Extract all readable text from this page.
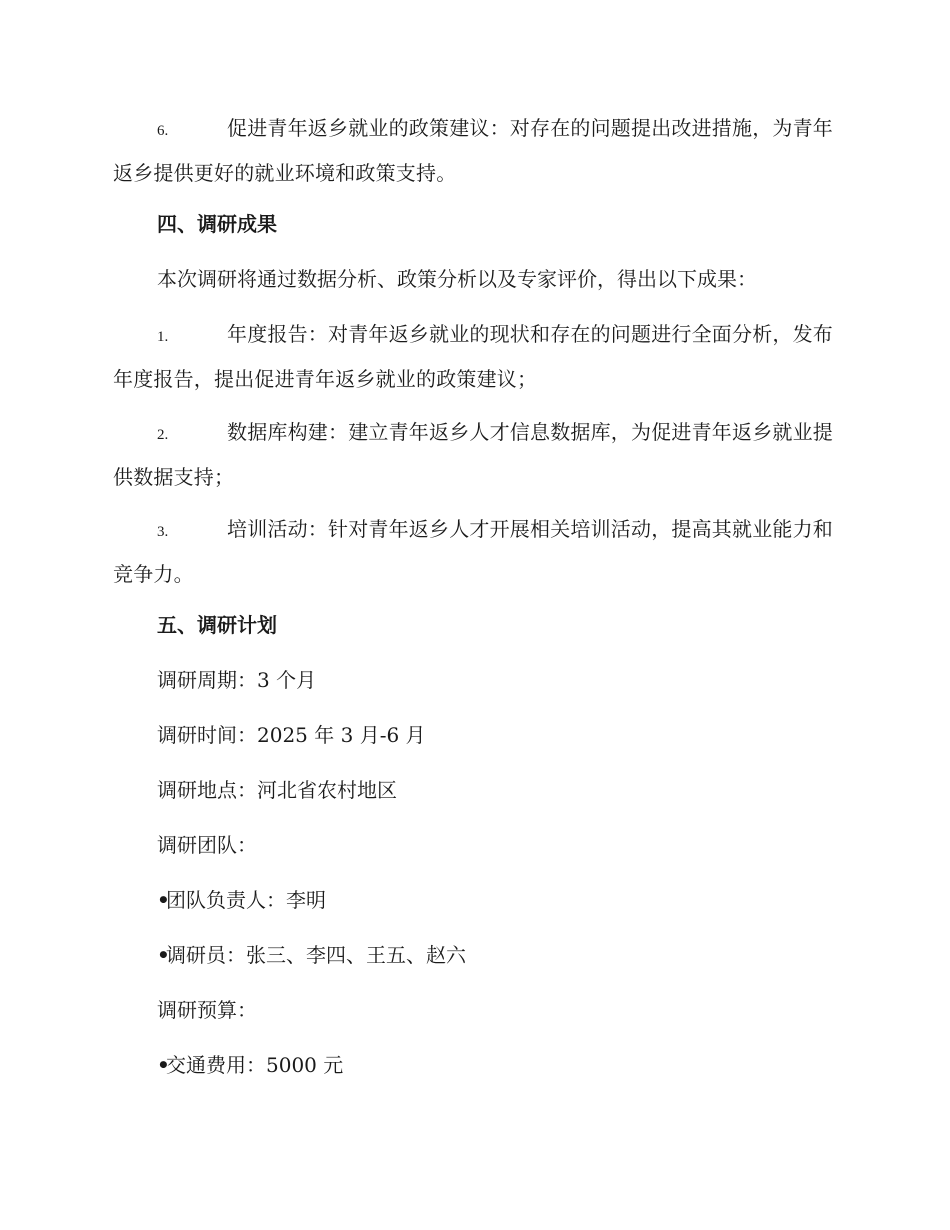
6.	促进青年返乡就业的政策建议：对存在的问题提出改进措施，为青年返乡提供更好的就业环境和政策支持。

四、调研成果

本次调研将通过数据分析、政策分析以及专家评价，得出以下成果：

1.	年度报告：对青年返乡就业的现状和存在的问题进行全面分析，发布年度报告，提出促进青年返乡就业的政策建议；

2.	数据库构建：建立青年返乡人才信息数据库，为促进青年返乡就业提供数据支持；

3.	培训活动：针对青年返乡人才开展相关培训活动，提高其就业能力和竞争力。

五、调研计划

调研周期：3 个月

调研时间：2025 年 3 月-6 月

调研地点：河北省农村地区

调研团队：

•团队负责人：李明

•调研员：张三、李四、王五、赵六

调研预算：

•交通费用：5000 元
